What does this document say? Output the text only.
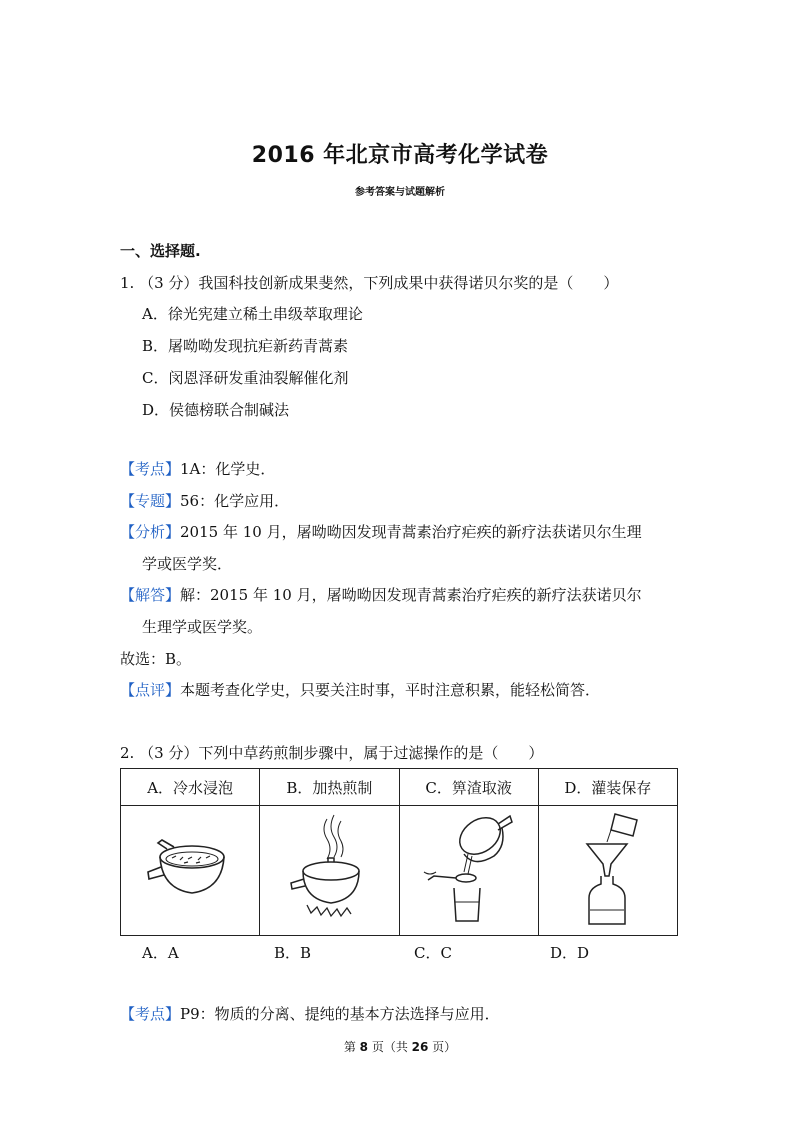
2016 年北京市高考化学试卷
参考答案与试题解析
一、选择题.
1. （3 分）我国科技创新成果斐然，下列成果中获得诺贝尔奖的是（　　）
A．徐光宪建立稀土串级萃取理论
B．屠呦呦发现抗疟新药青蒿素
C．闵恩泽研发重油裂解催化剂
D．侯德榜联合制碱法
【考点】1A：化学史．
【专题】56：化学应用．
【分析】2015 年 10 月，屠呦呦因发现青蒿素治疗疟疾的新疗法获诺贝尔生理
学或医学奖．
【解答】解：2015 年 10 月，屠呦呦因发现青蒿素治疗疟疾的新疗法获诺贝尔
生理学或医学奖。
故选：B。
【点评】本题考查化学史，只要关注时事，平时注意积累，能轻松简答．
2. （3 分）下列中草药煎制步骤中，属于过滤操作的是（　　）
A．冷水浸泡	B．加热煎制	C．箅渣取液	D．灌装保存

A．A	B．B	C．C	D．D
【考点】P9：物质的分离、提纯的基本方法选择与应用．
第 8 页（共 26 页）
